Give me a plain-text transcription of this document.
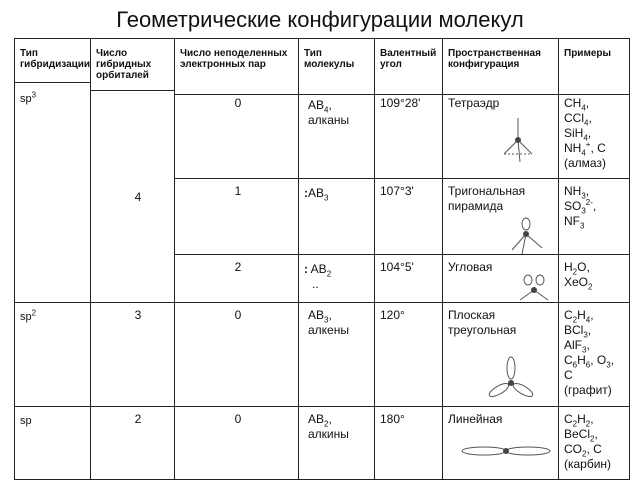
Геометрические конфигурации молекул
Тип гибридизации
Число гибридных орбиталей
Число неподеленных электронных пар
Тип молекулы
Валентный угол
Пространственная конфигурация
Примеры
$sp^3$
$sp^2$
sp
4
3
2
0
1
2
0
0
$AB_4$,
алканы
$:AB_3$
: $AB_2$
..
$AB_3$,
алкены
$AB_2$,
алкины
109°28'
107°3'
104°5'
120°
180°
Тетраэдр
Тригональная пирамида
Угловая
Плоская треугольная
Линейная
$CH_4$,
CCl$_4$,
SiH$_4$,
$NH_4^+$, C
(алмаз)
$NH_3$,
$SO_3^{2-}$,
$NF_3$
$H_2O$,
XeO$_2$
$C_2H_4$,
BCl$_3$,
AlF$_3$,
$C_6H_6$, $O_3$,
C
(графит)
$C_2H_2$,
BeCl$_2$,
$CO_2$, C
(карбин)
